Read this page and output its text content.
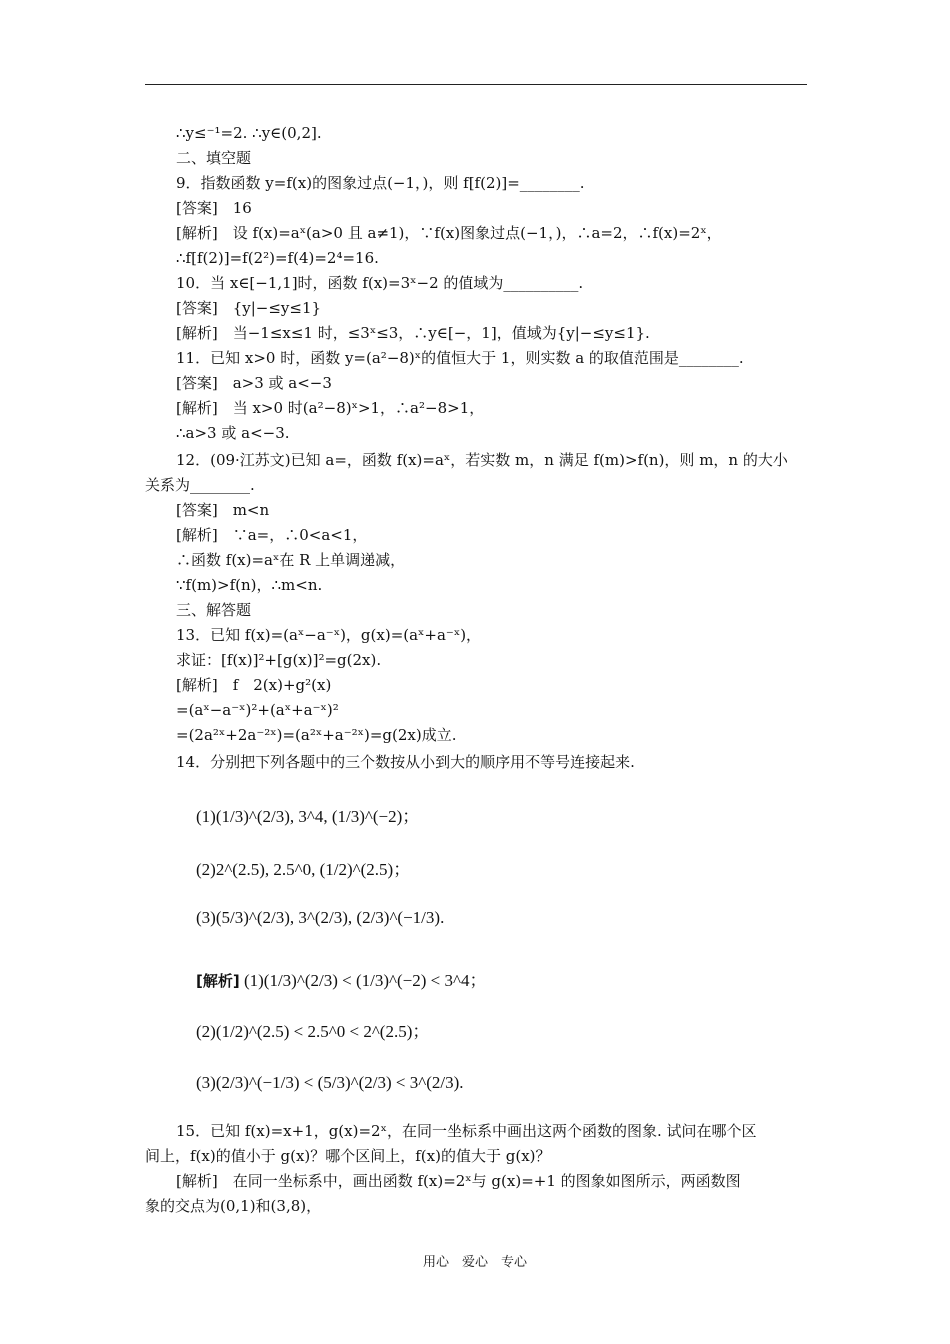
∴y≤⁻¹=2. ∴y∈(0,2].
二、填空题
9．指数函数 y=f(x)的图象过点(−1，)，则 f[f(2)]=________.
[答案]　16
[解析]　设 f(x)=aˣ(a>0 且 a≠1)，∵f(x)图象过点(−1，)，∴a=2，∴f(x)=2ˣ，
∴f[f(2)]=f(2²)=f(4)=2⁴=16.
10．当 x∈[−1,1]时，函数 f(x)=3ˣ−2 的值域为__________.
[答案]　{y|−≤y≤1}
[解析]　当−1≤x≤1 时，≤3ˣ≤3，∴y∈[−，1]，值域为{y|−≤y≤1}.
11．已知 x>0 时，函数 y=(a²−8)ˣ的值恒大于 1，则实数 a 的取值范围是________.
[答案]　a>3 或 a<−3
[解析]　当 x>0 时(a²−8)ˣ>1，∴a²−8>1，
∴a>3 或 a<−3.
12．(09·江苏文)已知 a=，函数 f(x)=aˣ，若实数 m，n 满足 f(m)>f(n)，则 m，n 的大小
关系为________.
[答案]　m<n
[解析]　∵a=，∴0<a<1，
∴函数 f(x)=aˣ在 R 上单调递减，
∵f(m)>f(n)，∴m<n.
三、解答题
13．已知 f(x)=(aˣ−a⁻ˣ)，g(x)=(aˣ+a⁻ˣ)，
求证：[f(x)]²+[g(x)]²=g(2x).
[解析]　f　2(x)+g²(x)
=(aˣ−a⁻ˣ)²+(aˣ+a⁻ˣ)²
=(2a²ˣ+2a⁻²ˣ)=(a²ˣ+a⁻²ˣ)=g(2x)成立.
14．分别把下列各题中的三个数按从小到大的顺序用不等号连接起来.
(1)(1/3)^(2/3), 3^4, (1/3)^(−2)；
(2)2^(2.5), 2.5^0, (1/2)^(2.5)；
(3)(5/3)^(2/3), 3^(2/3), (2/3)^(−1/3).
[解析] (1)(1/3)^(2/3) < (1/3)^(−2) < 3^4；
(2)(1/2)^(2.5) < 2.5^0 < 2^(2.5)；
(3)(2/3)^(−1/3) < (5/3)^(2/3) < 3^(2/3).
15．已知 f(x)=x+1，g(x)=2ˣ，在同一坐标系中画出这两个函数的图象. 试问在哪个区
间上，f(x)的值小于 g(x)？哪个区间上，f(x)的值大于 g(x)？
[解析]　在同一坐标系中，画出函数 f(x)=2ˣ与 g(x)=+1 的图象如图所示，两函数图
象的交点为(0,1)和(3,8)，
用心　爱心　专心
